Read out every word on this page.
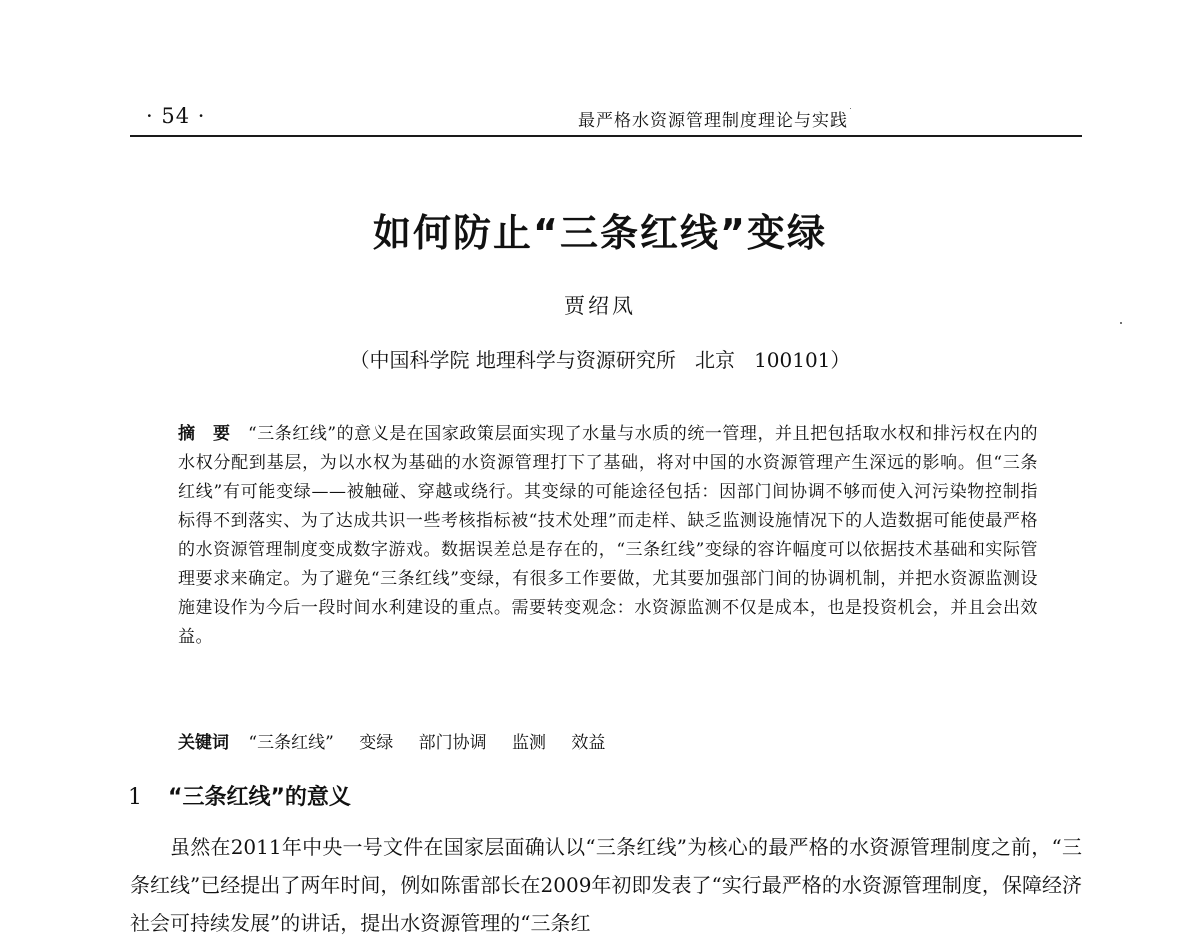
· 54 ·	最严格水资源管理制度理论与实践
如何防止“三条红线”变绿
贾绍凤
（中国科学院 地理科学与资源研究所   北京   100101）
摘 要 “三条红线”的意义是在国家政策层面实现了水量与水质的统一管理，并且把包括取水权和排污权在内的水权分配到基层，为以水权为基础的水资源管理打下了基础，将对中国的水资源管理产生深远的影响。但“三条红线”有可能变绿——被触碰、穿越或绕行。其变绿的可能途径包括：因部门间协调不够而使入河污染物控制指标得不到落实、为了达成共识一些考核指标被“技术处理”而走样、缺乏监测设施情况下的人造数据可能使最严格的水资源管理制度变成数字游戏。数据误差总是存在的，“三条红线”变绿的容许幅度可以依据技术基础和实际管理要求来确定。为了避免“三条红线”变绿，有很多工作要做，尤其要加强部门间的协调机制，并把水资源监测设施建设作为今后一段时间水利建设的重点。需要转变观念：水资源监测不仅是成本，也是投资机会，并且会出效益。
关键词 “三条红线” 变绿 部门协调 监测 效益
1 “三条红线”的意义
虽然在2011年中央一号文件在国家层面确认以“三条红线”为核心的最严格的水资源管理制度之前，“三条红线”已经提出了两年时间，例如陈雷部长在2009年初即发表了“实行最严格的水资源管理制度，保障经济社会可持续发展”的讲话，提出水资源管理的“三条红
